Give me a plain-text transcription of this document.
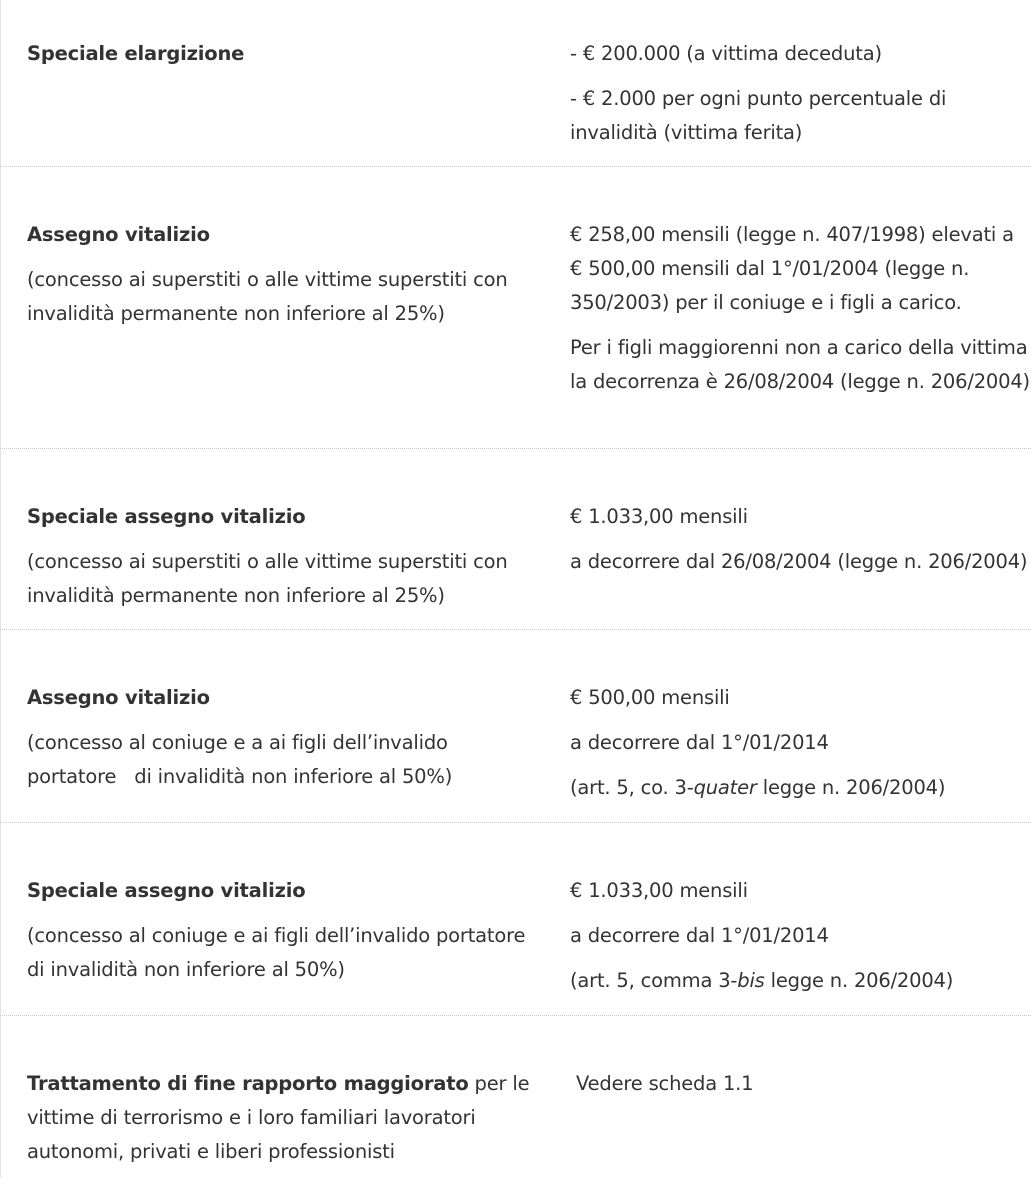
Speciale elargizione	- € 200.000 (a vittima deceduta)

- € 2.000 per ogni punto percentuale di invalidità (vittima ferita)

Assegno vitalizio

(concesso ai superstiti o alle vittime superstiti con invalidità permanente non inferiore al 25%)

€ 258,00 mensili (legge n. 407/1998) elevati a € 500,00 mensili dal 1°/01/2004 (legge n. 350/2003) per il coniuge e i figli a carico.

Per i figli maggiorenni non a carico della vittima la decorrenza è 26/08/2004 (legge n. 206/2004)

Speciale assegno vitalizio

(concesso ai superstiti o alle vittime superstiti con invalidità permanente non inferiore al 25%)

€ 1.033,00 mensili

a decorrere dal 26/08/2004 (legge n. 206/2004)

Assegno vitalizio

(concesso al coniuge e a ai figli dell’invalido
portatore   di invalidità non inferiore al 50%)

€ 500,00 mensili

a decorrere dal 1°/01/2014

(art. 5, co. 3-quater legge n. 206/2004)

Speciale assegno vitalizio

(concesso al coniuge e ai figli dell’invalido portatore di invalidità non inferiore al 50%)

€ 1.033,00 mensili

a decorrere dal 1°/01/2014

(art. 5, comma 3-bis legge n. 206/2004)

Trattamento di fine rapporto maggiorato per le vittime di terrorismo e i loro familiari lavoratori autonomi, privati e liberi professionisti

Vedere scheda 1.1
